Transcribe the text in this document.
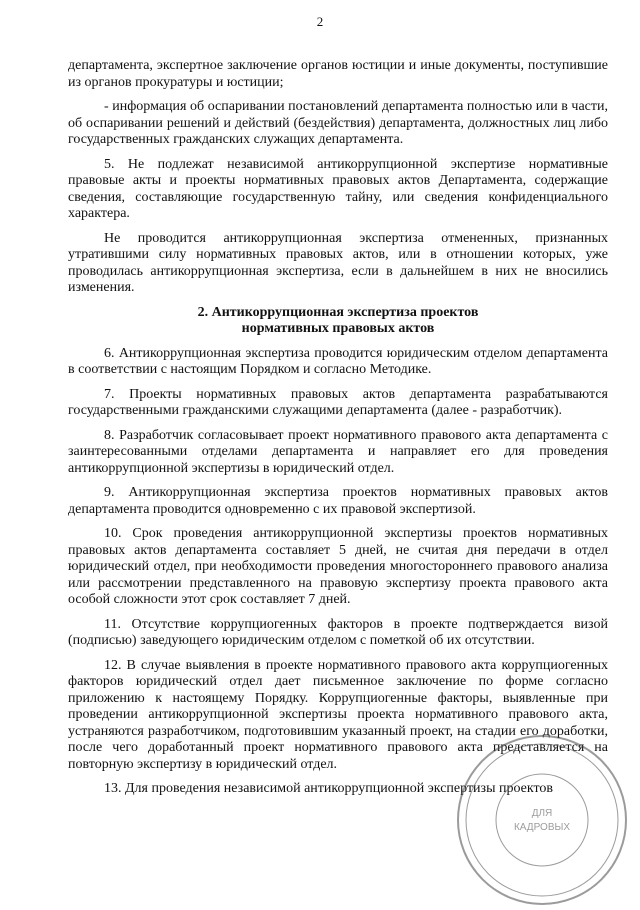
2

департамента, экспертное заключение органов юстиции и иные документы, поступившие из органов прокуратуры и юстиции;

- информация об оспаривании постановлений департамента полностью или в части, об оспаривании решений и действий (бездействия) департамента, должностных лиц либо государственных гражданских служащих департамента.

5. Не подлежат независимой антикоррупционной экспертизе нормативные правовые акты и проекты нормативных правовых актов Департамента, содержащие сведения, составляющие государственную тайну, или сведения конфиденциального характера.

Не проводится антикоррупционная экспертиза отмененных, признанных утратившими силу нормативных правовых актов, или в отношении которых, уже проводилась антикоррупционная экспертиза, если в дальнейшем в них не вносились изменения.

2. Антикоррупционная экспертиза проектов
нормативных правовых актов

6. Антикоррупционная экспертиза проводится юридическим отделом департамента в соответствии с настоящим Порядком и согласно Методике.

7. Проекты нормативных правовых актов департамента разрабатываются государственными гражданскими служащими департамента (далее - разработчик).

8. Разработчик согласовывает проект нормативного правового акта департамента с заинтересованными отделами департамента и направляет его для проведения антикоррупционной экспертизы в юридический отдел.

9. Антикоррупционная экспертиза проектов нормативных правовых актов департамента проводится одновременно с их правовой экспертизой.

10. Срок проведения антикоррупционной экспертизы проектов нормативных правовых актов департамента составляет 5 дней, не считая дня передачи в отдел юридический отдел, при необходимости проведения многостороннего правового анализа или рассмотрении представленного на правовую экспертизу проекта правового акта особой сложности этот срок составляет 7 дней.

11. Отсутствие коррупциогенных факторов в проекте подтверждается визой (подписью) заведующего юридическим отделом с пометкой об их отсутствии.

12. В случае выявления в проекте нормативного правового акта коррупциогенных факторов юридический отдел дает письменное заключение по форме согласно приложению к настоящему Порядку. Коррупциогенные факторы, выявленные при проведении антикоррупционной экспертизы проекта нормативного правового акта, устраняются разработчиком, подготовившим указанный проект, на стадии его доработки, после чего доработанный проект нормативного правового акта представляется на повторную экспертизу в юридический отдел.

13. Для проведения независимой антикоррупционной экспертизы проектов

ДЛЯ
КАДРОВЫХ
